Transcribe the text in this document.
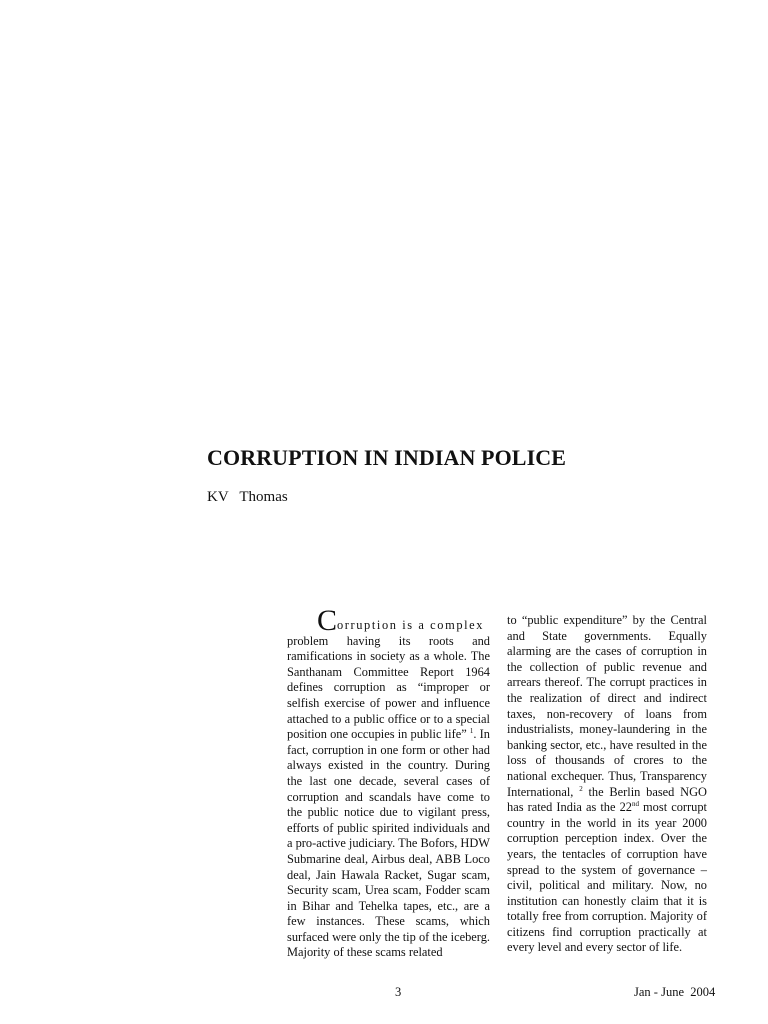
CORRUPTION IN INDIAN POLICE
KV   Thomas

Corruption is a complex

problem having its roots and ramifications in society as a whole. The Santhanam Committee Report 1964 defines corruption as “improper or selfish exercise of power and influence attached to a public office or to a special position one occupies in public life” $^1$. In fact, corruption in one form or other had always existed in the country. During the last one decade, several cases of corruption and scandals have come to the public notice due to vigilant press, efforts of public spirited individuals and a pro-active judiciary. The Bofors, HDW Submarine deal, Airbus deal, ABB Loco deal, Jain Hawala Racket, Sugar scam, Security scam, Urea scam, Fodder scam in Bihar and Tehelka tapes, etc., are a few instances. These scams, which surfaced were only the tip of the iceberg. Majority of these scams related

to “public expenditure” by the Central and State governments. Equally alarming are the cases of corruption in the collection of public revenue and arrears thereof. The corrupt practices in the realization of direct and indirect taxes, non-recovery of loans from industrialists, money-laundering in the banking sector, etc., have resulted in the loss of thousands of crores to the national exchequer. Thus, Transparency International, $^2$ the Berlin based NGO has rated India as the 22nd most corrupt country in the world in its year 2000 corruption perception index. Over the years, the tentacles of corruption have spread to the system of governance – civil, political and military. Now, no institution can honestly claim that it is totally free from corruption. Majority of citizens find corruption practically at every level and every sector of life.

3	Jan - June  2004
